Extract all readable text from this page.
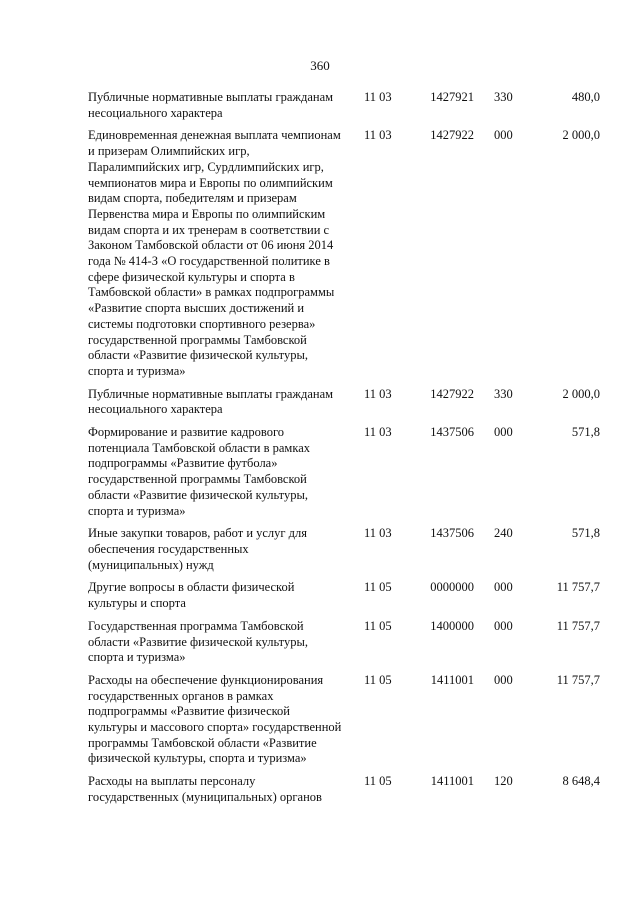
360
Публичные нормативные выплаты гражданам несоциального характера
11 03	1427921	330	480,0
Единовременная денежная выплата чемпионам и призерам Олимпийских игр, Паралимпийских игр, Сурдлимпийских игр, чемпионатов мира и Европы по олимпийским видам спорта, победителям и призерам Первенства мира и Европы по олимпийским видам спорта и их тренерам в соответствии с Законом Тамбовской области от 06 июня 2014 года № 414-З «О государственной политике в сфере физической культуры и спорта в Тамбовской области» в рамках подпрограммы «Развитие спорта высших достижений и системы подготовки спортивного резерва» государственной программы Тамбовской области «Развитие физической культуры, спорта и туризма»
11 03	1427922	000	2 000,0
Публичные нормативные выплаты гражданам несоциального характера
11 03	1427922	330	2 000,0
Формирование и развитие кадрового потенциала Тамбовской области в рамках подпрограммы «Развитие футбола» государственной программы Тамбовской области «Развитие физической культуры, спорта и туризма»
11 03	1437506	000	571,8
Иные закупки товаров, работ и услуг для обеспечения государственных (муниципальных) нужд
11 03	1437506	240	571,8
Другие вопросы в области физической культуры и спорта
11 05	0000000	000	11 757,7
Государственная программа Тамбовской области «Развитие физической культуры, спорта и туризма»
11 05	1400000	000	11 757,7
Расходы на обеспечение функционирования государственных органов в рамках подпрограммы «Развитие физической культуры и массового спорта» государственной программы Тамбовской области «Развитие физической культуры, спорта и туризма»
11 05	1411001	000	11 757,7
Расходы на выплаты персоналу государственных (муниципальных) органов
11 05	1411001	120	8 648,4
